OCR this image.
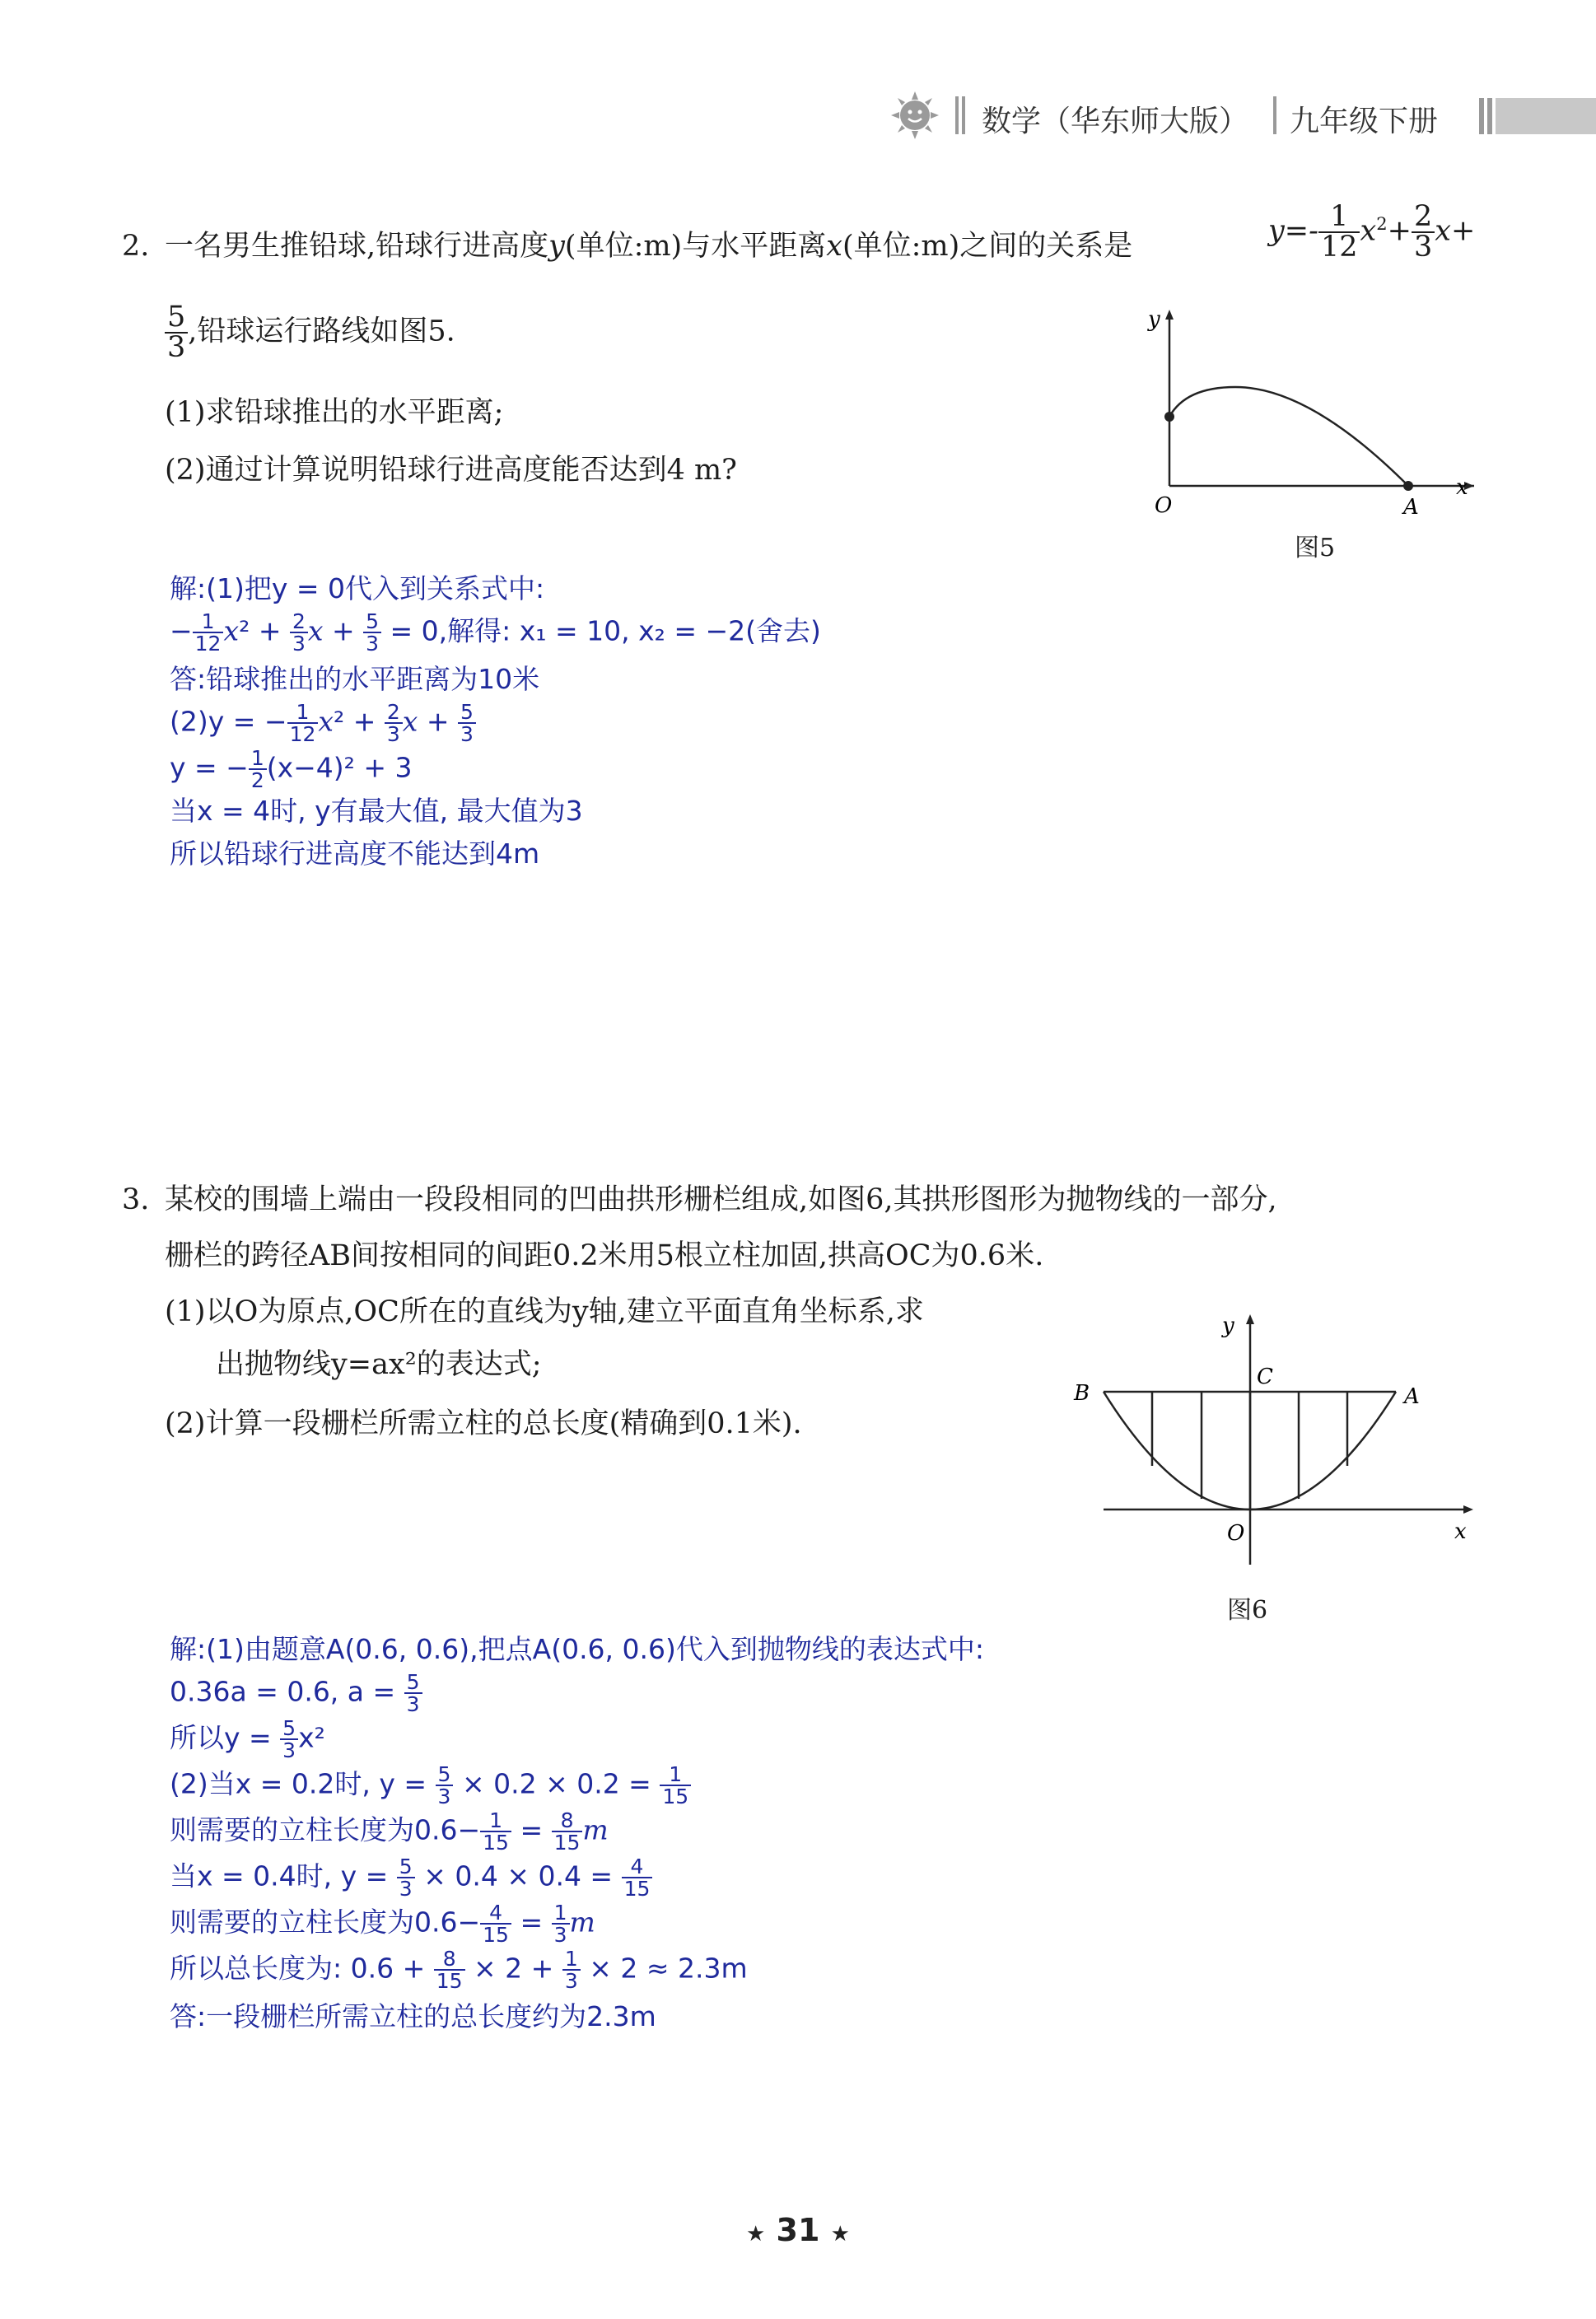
数学（华东师大版） 九年级下册
2. 一名男生推铅球,铅球行进高度y(单位:m)与水平距离x(单位:m)之间的关系是	$y=- \frac{1}{12} x^2+ \frac{2}{3} x+$
$\frac{5}{3}$ ,铅球运行路线如图5.
(1)求铅球推出的水平距离;
(2)通过计算说明铅球行进高度能否达到4 m?
y
x
O	A
图5
解:(1)把y = 0代入到关系式中:
− $\frac{1}{12} x^2 + \frac{2}{3}$ $x + \frac{5}{3} = 0$,解得: x₁ = 10, x₂ = −2(舍去)
答:铅球推出的水平距离为10米
(2)y = − $\frac{1}{12} x^2 + \frac{2}{3}$ $x + \frac{5}{3}$
y = − $\frac{1}{2} (x-4)^2 + 3$
当x = 4时, y有最大值, 最大值为3
所以铅球行进高度不能达到4m
3. 某校的围墙上端由一段段相同的凹曲拱形栅栏组成,如图6,其拱形图形为抛物线的一部分,
栅栏的跨径AB间按相同的间距0.2米用5根立柱加固,拱高OC为0.6米.
(1)以O为原点,OC所在的直线为y轴,建立平面直角坐标系,求
出抛物线y=ax²的表达式;
(2)计算一段栅栏所需立柱的总长度(精确到0.1米).
y
x
O
C
B	A
图6
解:(1)由题意A(0.6, 0.6),把点A(0.6, 0.6)代入到抛物线的表达式中:
0.36a = 0.6, $a = \frac{5}{3}$
所以$y = \frac{5}{3} x^2$
(2)当x = 0.2时, $y = \frac{5}{3} \times 0.2 \times 0.2 = \frac{1}{15}$
则需要的立柱长度为$0.6- \frac{1}{15} = \frac{8}{15}$ m
当x = 0.4时, $y = \frac{5}{3} \times 0.4 \times 0.4 = \frac{4}{15}$
则需要的立柱长度为$0.6- \frac{4}{15} = \frac{1}{3}$ m
所以总长度为: $0.6 + \frac{8}{15} \times 2 + \frac{1}{3} \times 2 \approx 2.3m$
答:一段栅栏所需立柱的总长度约为2.3m
★ 31 ★
